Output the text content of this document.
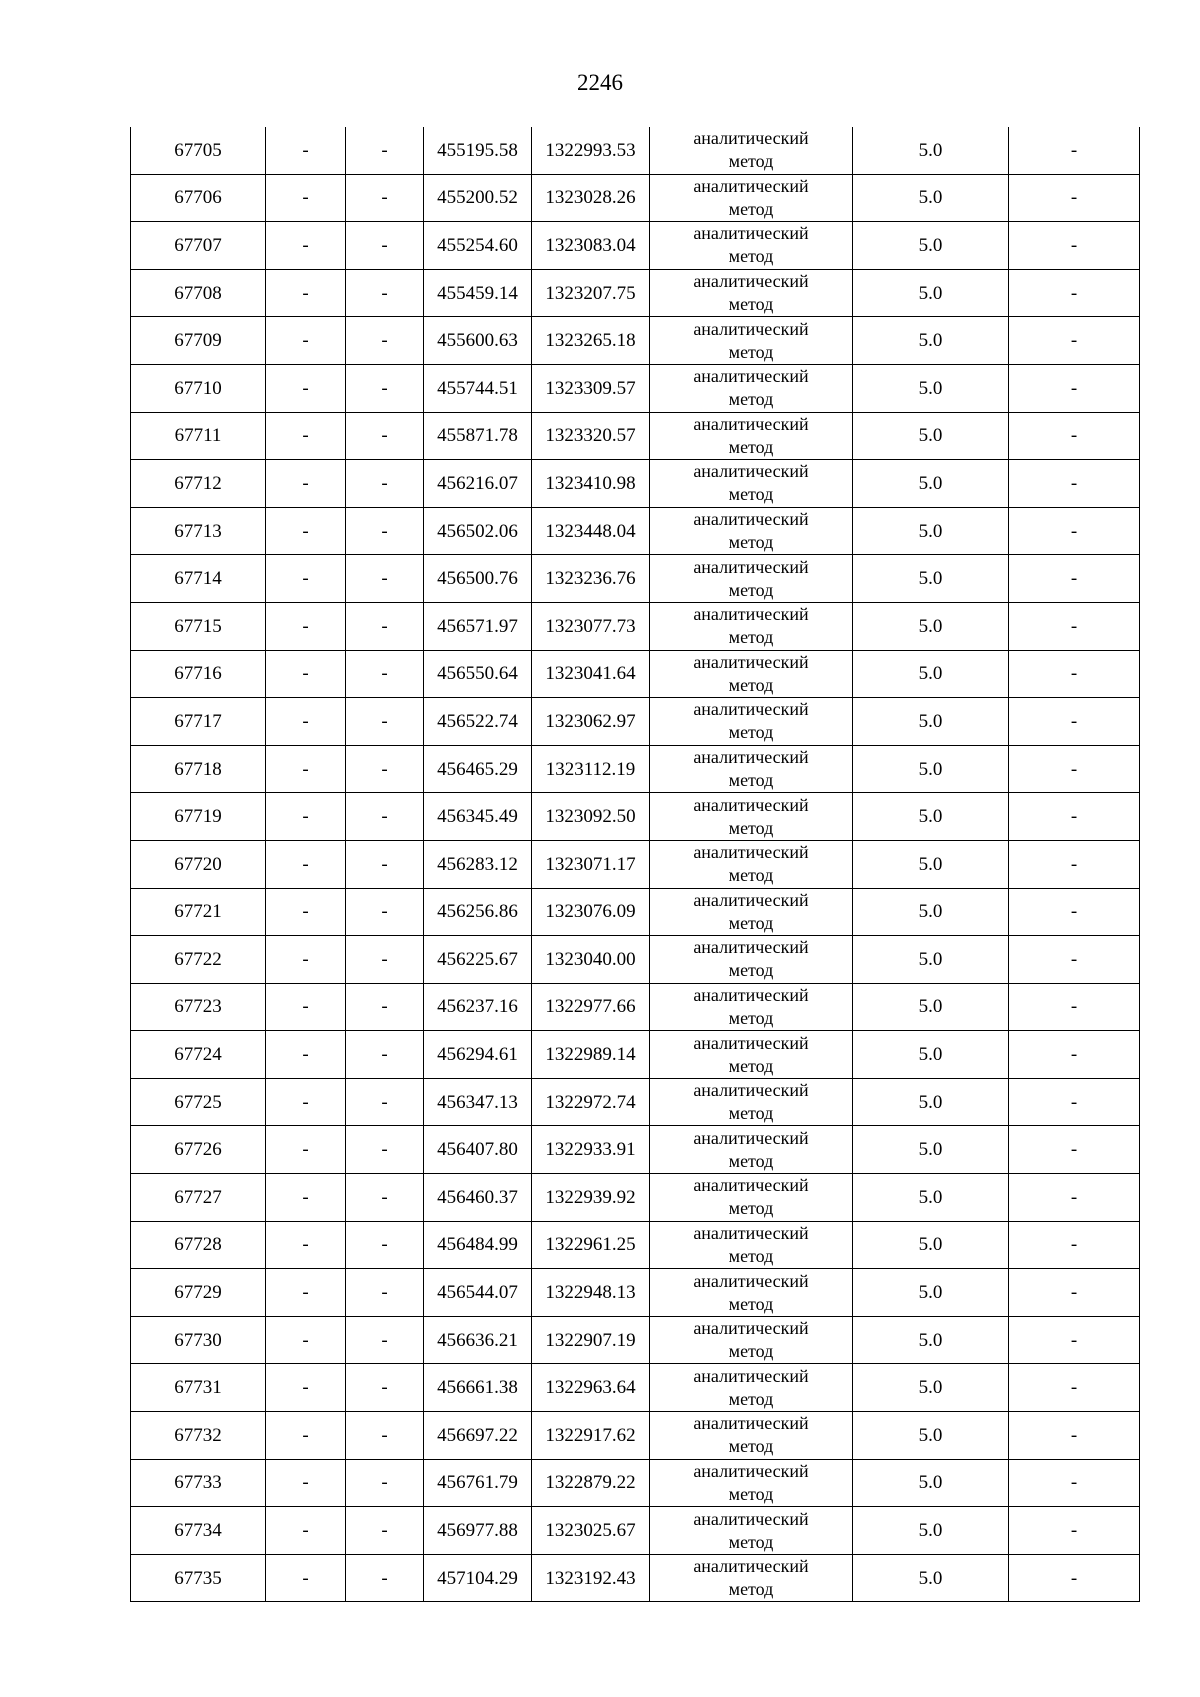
2246
67705	-	-	455195.58	1322993.53	аналитический
метод	5.0	-
67706	-	-	455200.52	1323028.26	аналитический
метод	5.0	-
67707	-	-	455254.60	1323083.04	аналитический
метод	5.0	-
67708	-	-	455459.14	1323207.75	аналитический
метод	5.0	-
67709	-	-	455600.63	1323265.18	аналитический
метод	5.0	-
67710	-	-	455744.51	1323309.57	аналитический
метод	5.0	-
67711	-	-	455871.78	1323320.57	аналитический
метод	5.0	-
67712	-	-	456216.07	1323410.98	аналитический
метод	5.0	-
67713	-	-	456502.06	1323448.04	аналитический
метод	5.0	-
67714	-	-	456500.76	1323236.76	аналитический
метод	5.0	-
67715	-	-	456571.97	1323077.73	аналитический
метод	5.0	-
67716	-	-	456550.64	1323041.64	аналитический
метод	5.0	-
67717	-	-	456522.74	1323062.97	аналитический
метод	5.0	-
67718	-	-	456465.29	1323112.19	аналитический
метод	5.0	-
67719	-	-	456345.49	1323092.50	аналитический
метод	5.0	-
67720	-	-	456283.12	1323071.17	аналитический
метод	5.0	-
67721	-	-	456256.86	1323076.09	аналитический
метод	5.0	-
67722	-	-	456225.67	1323040.00	аналитический
метод	5.0	-
67723	-	-	456237.16	1322977.66	аналитический
метод	5.0	-
67724	-	-	456294.61	1322989.14	аналитический
метод	5.0	-
67725	-	-	456347.13	1322972.74	аналитический
метод	5.0	-
67726	-	-	456407.80	1322933.91	аналитический
метод	5.0	-
67727	-	-	456460.37	1322939.92	аналитический
метод	5.0	-
67728	-	-	456484.99	1322961.25	аналитический
метод	5.0	-
67729	-	-	456544.07	1322948.13	аналитический
метод	5.0	-
67730	-	-	456636.21	1322907.19	аналитический
метод	5.0	-
67731	-	-	456661.38	1322963.64	аналитический
метод	5.0	-
67732	-	-	456697.22	1322917.62	аналитический
метод	5.0	-
67733	-	-	456761.79	1322879.22	аналитический
метод	5.0	-
67734	-	-	456977.88	1323025.67	аналитический
метод	5.0	-
67735	-	-	457104.29	1323192.43	аналитический
метод	5.0	-
